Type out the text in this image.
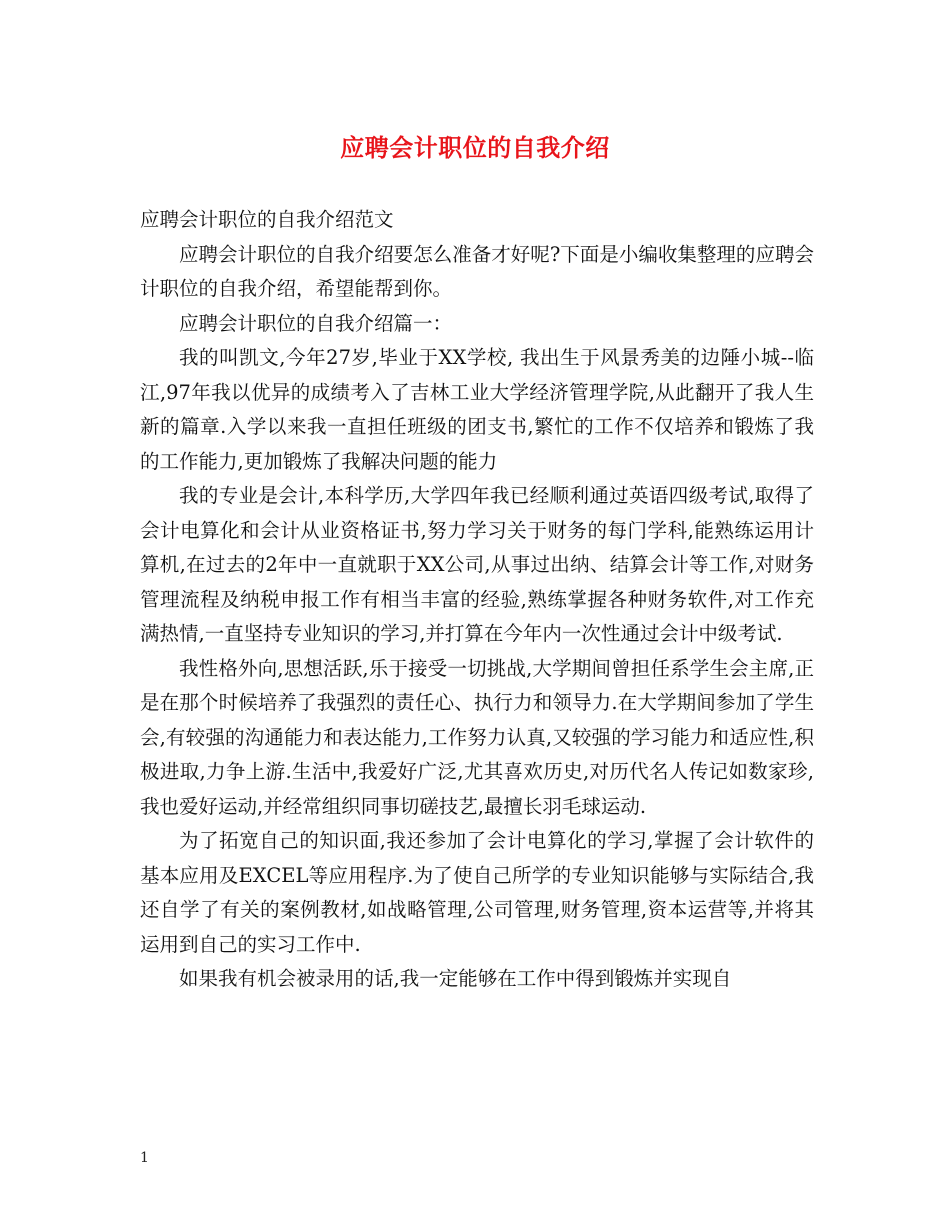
应聘会计职位的自我介绍

应聘会计职位的自我介绍范文

应聘会计职位的自我介绍要怎么准备才好呢?下面是小编收集整理的应聘会计职位的自我介绍，希望能帮到你。

应聘会计职位的自我介绍篇一：

我的叫凯文,今年27岁,毕业于XX学校, 我出生于风景秀美的边陲小城--临江,97年我以优异的成绩考入了吉林工业大学经济管理学院,从此翻开了我人生新的篇章.入学以来我一直担任班级的团支书,繁忙的工作不仅培养和锻炼了我的工作能力,更加锻炼了我解决问题的能力

我的专业是会计,本科学历,大学四年我已经顺利通过英语四级考试,取得了会计电算化和会计从业资格证书,努力学习关于财务的每门学科,能熟练运用计算机,在过去的2年中一直就职于XX公司,从事过出纳、结算会计等工作,对财务管理流程及纳税申报工作有相当丰富的经验,熟练掌握各种财务软件,对工作充满热情,一直坚持专业知识的学习,并打算在今年内一次性通过会计中级考试.

我性格外向,思想活跃,乐于接受一切挑战,大学期间曾担任系学生会主席,正是在那个时候培养了我强烈的责任心、执行力和领导力.在大学期间参加了学生会,有较强的沟通能力和表达能力,工作努力认真,又较强的学习能力和适应性,积极进取,力争上游.生活中,我爱好广泛,尤其喜欢历史,对历代名人传记如数家珍,我也爱好运动,并经常组织同事切磋技艺,最擅长羽毛球运动.

为了拓宽自己的知识面,我还参加了会计电算化的学习,掌握了会计软件的基本应用及EXCEL等应用程序.为了使自己所学的专业知识能够与实际结合,我还自学了有关的案例教材,如战略管理,公司管理,财务管理,资本运营等,并将其运用到自己的实习工作中.

如果我有机会被录用的话,我一定能够在工作中得到锻炼并实现自

1
